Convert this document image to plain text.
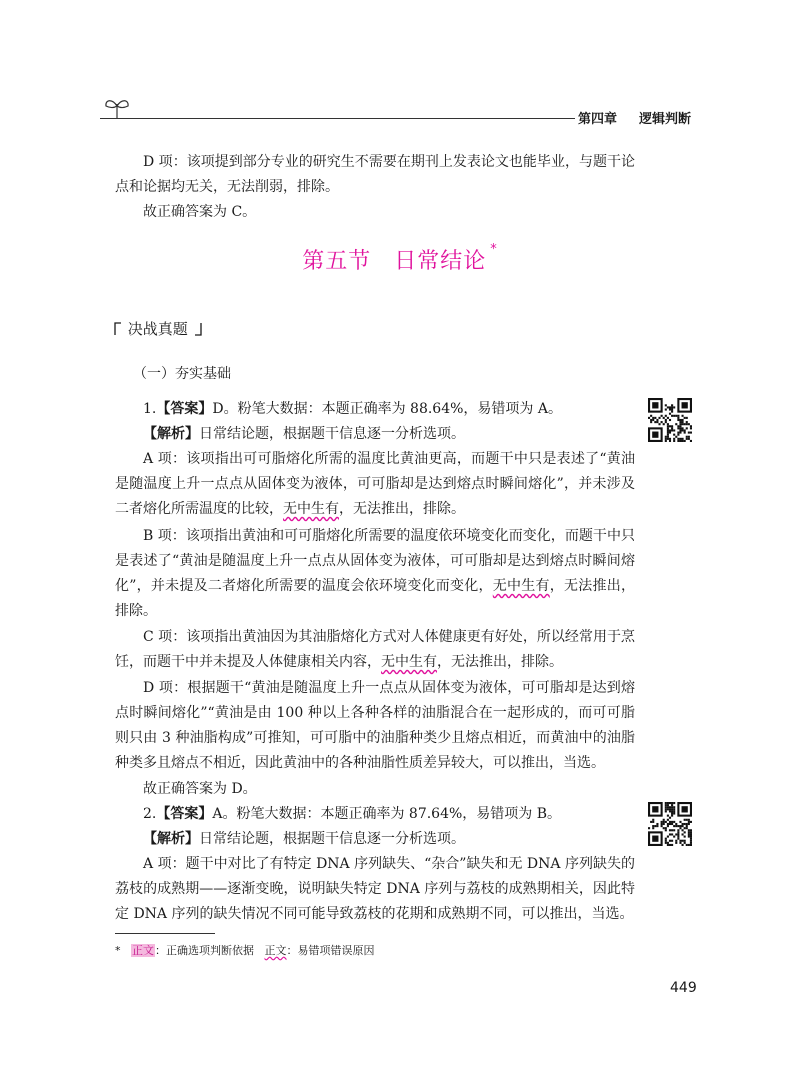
第四章 逻辑判断
D 项：该项提到部分专业的研究生不需要在期刊上发表论文也能毕业，与题干论点和论据均无关，无法削弱，排除。
故正确答案为 C。
第五节　日常结论 *
决战真题
（一）夯实基础
1.【答案】D。粉笔大数据：本题正确率为 88.64%，易错项为 A。
【解析】日常结论题，根据题干信息逐一分析选项。
A 项：该项指出可可脂熔化所需的温度比黄油更高，而题干中只是表述了“黄油是随温度上升一点点从固体变为液体，可可脂却是达到熔点时瞬间熔化”，并未涉及二者熔化所需温度的比较，无中生有，无法推出，排除。
B 项：该项指出黄油和可可脂熔化所需要的温度依环境变化而变化，而题干中只是表述了“黄油是随温度上升一点点从固体变为液体，可可脂却是达到熔点时瞬间熔化”，并未提及二者熔化所需要的温度会依环境变化而变化，无中生有，无法推出，排除。
C 项：该项指出黄油因为其油脂熔化方式对人体健康更有好处，所以经常用于烹饪，而题干中并未提及人体健康相关内容，无中生有，无法推出，排除。
D 项：根据题干“黄油是随温度上升一点点从固体变为液体，可可脂却是达到熔点时瞬间熔化”“黄油是由 100 种以上各种各样的油脂混合在一起形成的，而可可脂则只由 3 种油脂构成”可推知，可可脂中的油脂种类少且熔点相近，而黄油中的油脂种类多且熔点不相近，因此黄油中的各种油脂性质差异较大，可以推出，当选。
故正确答案为 D。
2.【答案】A。粉笔大数据：本题正确率为 87.64%，易错项为 B。
【解析】日常结论题，根据题干信息逐一分析选项。
A 项：题干中对比了有特定 DNA 序列缺失、“杂合”缺失和无 DNA 序列缺失的荔枝的成熟期——逐渐变晚，说明缺失特定 DNA 序列与荔枝的成熟期相关，因此特定 DNA 序列的缺失情况不同可能导致荔枝的花期和成熟期不同，可以推出，当选。
* 正文：正确选项判断依据 正文：易错项错误原因
449
